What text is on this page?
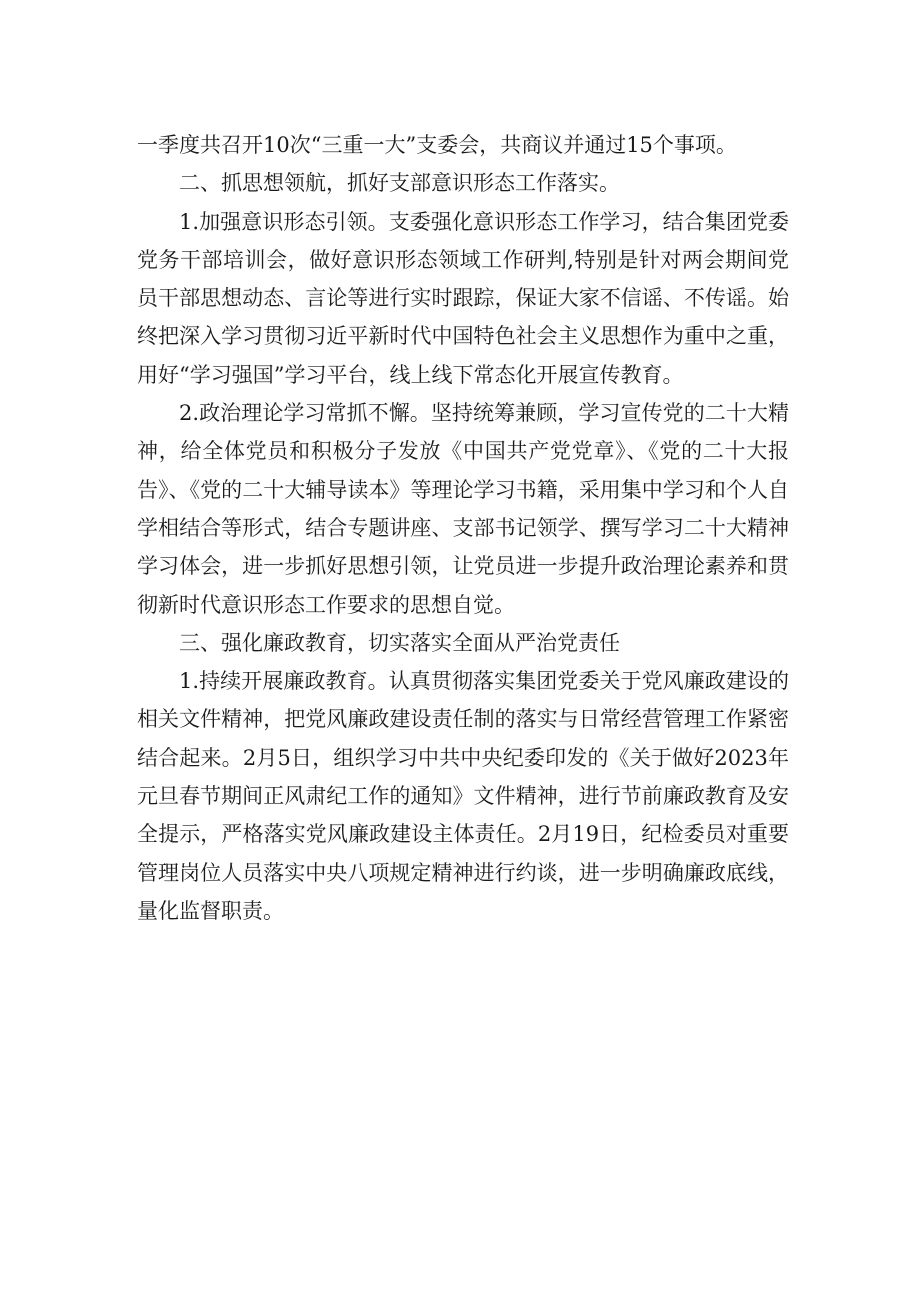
一季度共召开10次“三重一大”支委会，共商议并通过15个事项。

二、抓思想领航，抓好支部意识形态工作落实。

1.加强意识形态引领。支委强化意识形态工作学习，结合集团党委党务干部培训会，做好意识形态领域工作研判,特别是针对两会期间党员干部思想动态、言论等进行实时跟踪，保证大家不信谣、不传谣。始终把深入学习贯彻习近平新时代中国特色社会主义思想作为重中之重，用好“学习强国”学习平台，线上线下常态化开展宣传教育。

2.政治理论学习常抓不懈。坚持统筹兼顾，学习宣传党的二十大精神，给全体党员和积极分子发放《中国共产党党章》、《党的二十大报告》、《党的二十大辅导读本》等理论学习书籍，采用集中学习和个人自学相结合等形式，结合专题讲座、支部书记领学、撰写学习二十大精神学习体会，进一步抓好思想引领，让党员进一步提升政治理论素养和贯彻新时代意识形态工作要求的思想自觉。

三、强化廉政教育，切实落实全面从严治党责任

1.持续开展廉政教育。认真贯彻落实集团党委关于党风廉政建设的相关文件精神，把党风廉政建设责任制的落实与日常经营管理工作紧密结合起来。2月5日，组织学习中共中央纪委印发的《关于做好2023年元旦春节期间正风肃纪工作的通知》文件精神，进行节前廉政教育及安全提示，严格落实党风廉政建设主体责任。2月19日，纪检委员对重要管理岗位人员落实中央八项规定精神进行约谈，进一步明确廉政底线，量化监督职责。
